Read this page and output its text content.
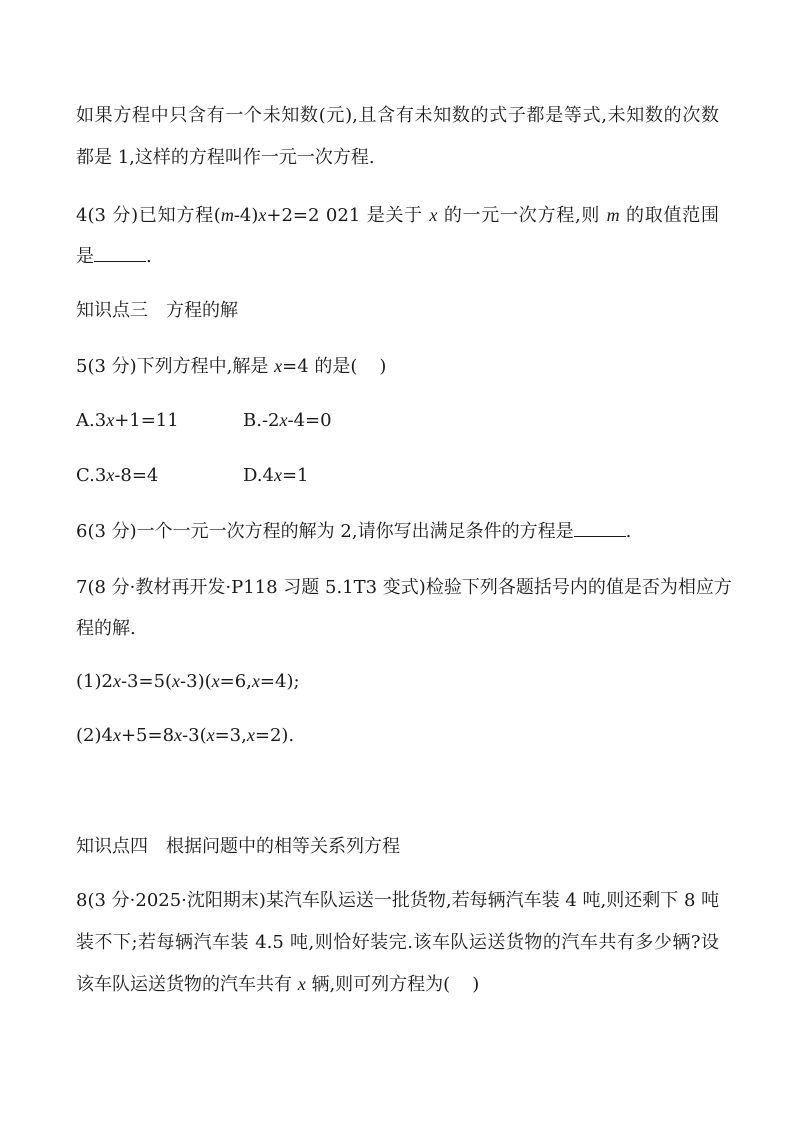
如果方程中只含有一个未知数(元),且含有未知数的式子都是等式,未知数的次数
都是 1,这样的方程叫作一元一次方程.
4(3 分)已知方程(m-4)x+2=2 021 是关于 x 的一元一次方程,则 m 的取值范围
是	.
知识点三　方程的解
5(3 分)下列方程中,解是 x=4 的是( )
A.3x+1=11	B.-2x-4=0
C.3x-8=4	D.4x=1
6(3 分)一个一元一次方程的解为 2,请你写出满足条件的方程是	.
7(8 分·教材再开发·P118 习题 5.1T3 变式)检验下列各题括号内的值是否为相应方
程的解.
(1)2x-3=5(x-3)(x=6,x=4);
(2)4x+5=8x-3(x=3,x=2).
知识点四　根据问题中的相等关系列方程
8(3 分·2025·沈阳期末)某汽车队运送一批货物,若每辆汽车装 4 吨,则还剩下 8 吨
装不下;若每辆汽车装 4.5 吨,则恰好装完.该车队运送货物的汽车共有多少辆?设
该车队运送货物的汽车共有 x 辆,则可列方程为( )
